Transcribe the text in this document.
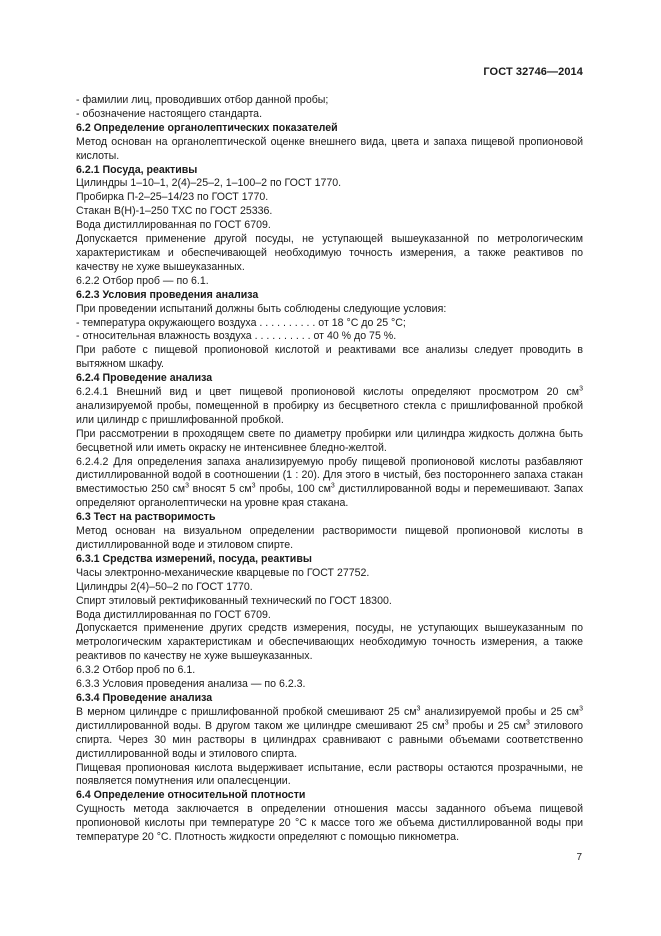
ГОСТ 32746—2014

- фамилии лиц, проводивших отбор данной пробы;

- обозначение настоящего стандарта.

6.2 Определение органолептических показателей

Метод основан на органолептической оценке внешнего вида, цвета и запаха пищевой пропионовой кислоты.

6.2.1 Посуда, реактивы

Цилиндры 1–10–1, 2(4)–25–2, 1–100–2 по ГОСТ 1770.

Пробирка П-2–25–14/23 по ГОСТ 1770.

Стакан В(Н)-1–250 ТХС по ГОСТ 25336.

Вода дистиллированная по ГОСТ 6709.

Допускается применение другой посуды, не уступающей вышеуказанной по метрологическим характеристикам и обеспечивающей необходимую точность измерения, а также реактивов по качеству не хуже вышеуказанных.

6.2.2 Отбор проб — по 6.1.

6.2.3 Условия проведения анализа

При проведении испытаний должны быть соблюдены следующие условия:

- температура окружающего воздуха . . . . . . . . . . от 18 °С до 25 °С;

- относительная влажность воздуха . . . . . . . . . . от 40 % до 75 %.

При работе с пищевой пропионовой кислотой и реактивами все анализы следует проводить в вытяжном шкафу.

6.2.4 Проведение анализа

6.2.4.1 Внешний вид и цвет пищевой пропионовой кислоты определяют просмотром 20 $см^3$ анализируемой пробы, помещенной в пробирку из бесцветного стекла с пришлифованной пробкой или цилиндр с пришлифованной пробкой.

При рассмотрении в проходящем свете по диаметру пробирки или цилиндра жидкость должна быть бесцветной или иметь окраску не интенсивнее бледно-желтой.

6.2.4.2 Для определения запаха анализируемую пробу пищевой пропионовой кислоты разбавляют дистиллированной водой в соотношении (1 : 20). Для этого в чистый, без постороннего запаха стакан вместимостью 250 $см^3$ вносят 5 $см^3$ пробы, 100 $см^3$ дистиллированной воды и перемешивают. Запах определяют органолептически на уровне края стакана.

6.3 Тест на растворимость

Метод основан на визуальном определении растворимости пищевой пропионовой кислоты в дистиллированной воде и этиловом спирте.

6.3.1 Средства измерений, посуда, реактивы

Часы электронно-механические кварцевые по ГОСТ 27752.

Цилиндры 2(4)–50–2 по ГОСТ 1770.

Спирт этиловый ректификованный технический по ГОСТ 18300.

Вода дистиллированная по ГОСТ 6709.

Допускается применение других средств измерения, посуды, не уступающих вышеуказанным по метрологическим характеристикам и обеспечивающих необходимую точность измерения, а также реактивов по качеству не хуже вышеуказанных.

6.3.2 Отбор проб по 6.1.

6.3.3 Условия проведения анализа — по 6.2.3.

6.3.4 Проведение анализа

В мерном цилиндре с пришлифованной пробкой смешивают 25 $см^3$ анализируемой пробы и 25 $см^3$ дистиллированной воды. В другом таком же цилиндре смешивают 25 $см^3$ пробы и 25 $см^3$ этилового спирта. Через 30 мин растворы в цилиндрах сравнивают с равными объемами соответственно дистиллированной воды и этилового спирта.

Пищевая пропионовая кислота выдерживает испытание, если растворы остаются прозрачными, не появляется помутнения или опалесценции.

6.4 Определение относительной плотности

Сущность метода заключается в определении отношения массы заданного объема пищевой пропионовой кислоты при температуре 20 °С к массе того же объема дистиллированной воды при температуре 20 °С. Плотность жидкости определяют с помощью пикнометра.

7
